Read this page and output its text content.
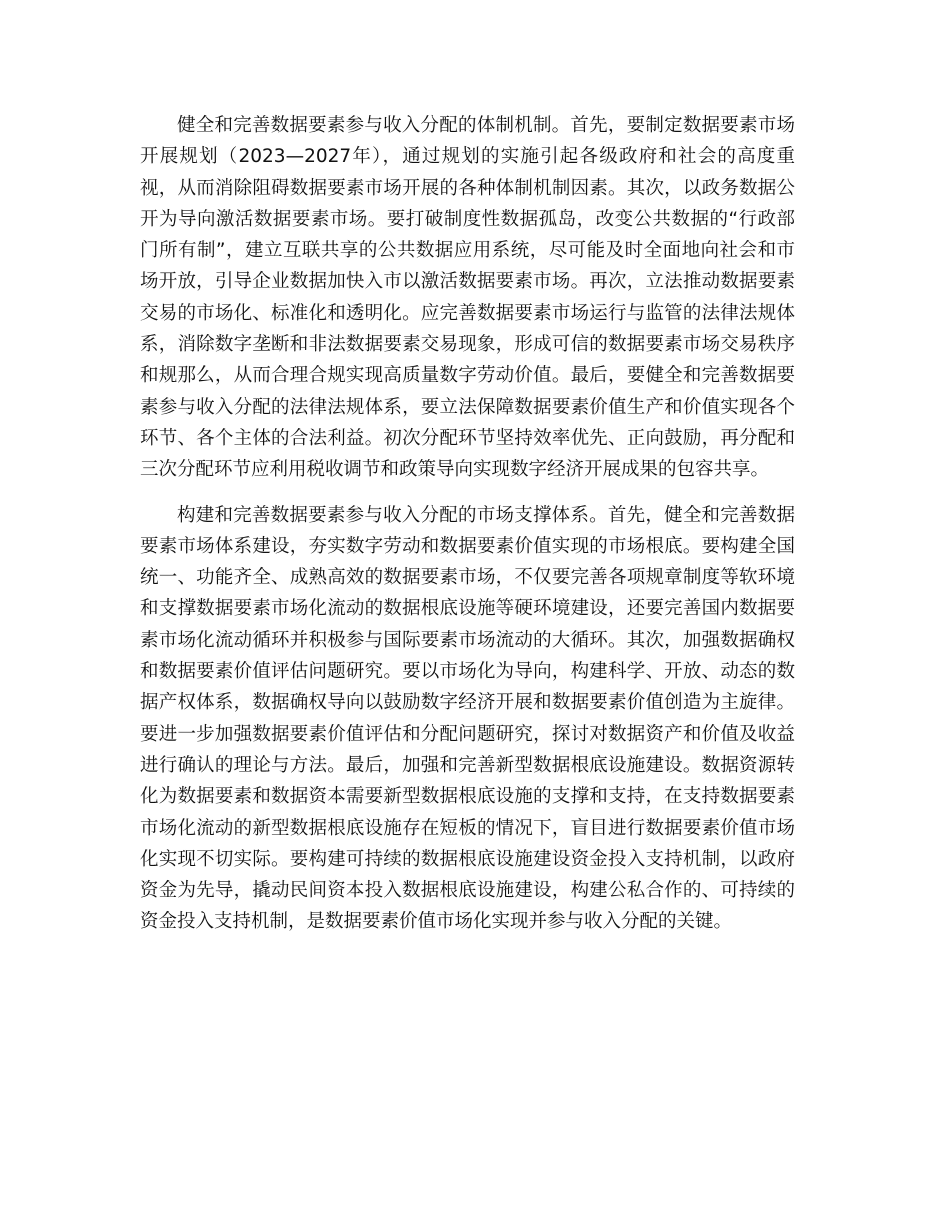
健全和完善数据要素参与收入分配的体制机制。首先，要制定数据要素市场开展规划（2023—2027年），通过规划的实施引起各级政府和社会的高度重视，从而消除阻碍数据要素市场开展的各种体制机制因素。其次，以政务数据公开为导向激活数据要素市场。要打破制度性数据孤岛，改变公共数据的“行政部门所有制”，建立互联共享的公共数据应用系统，尽可能及时全面地向社会和市场开放，引导企业数据加快入市以激活数据要素市场。再次，立法推动数据要素交易的市场化、标准化和透明化。应完善数据要素市场运行与监管的法律法规体系，消除数字垄断和非法数据要素交易现象，形成可信的数据要素市场交易秩序和规那么，从而合理合规实现高质量数字劳动价值。最后，要健全和完善数据要素参与收入分配的法律法规体系，要立法保障数据要素价值生产和价值实现各个环节、各个主体的合法利益。初次分配环节坚持效率优先、正向鼓励，再分配和三次分配环节应利用税收调节和政策导向实现数字经济开展成果的包容共享。

构建和完善数据要素参与收入分配的市场支撑体系。首先，健全和完善数据要素市场体系建设，夯实数字劳动和数据要素价值实现的市场根底。要构建全国统一、功能齐全、成熟高效的数据要素市场，不仅要完善各项规章制度等软环境和支撑数据要素市场化流动的数据根底设施等硬环境建设，还要完善国内数据要素市场化流动循环并积极参与国际要素市场流动的大循环。其次，加强数据确权和数据要素价值评估问题研究。要以市场化为导向，构建科学、开放、动态的数据产权体系，数据确权导向以鼓励数字经济开展和数据要素价值创造为主旋律。要进一步加强数据要素价值评估和分配问题研究，探讨对数据资产和价值及收益进行确认的理论与方法。最后，加强和完善新型数据根底设施建设。数据资源转化为数据要素和数据资本需要新型数据根底设施的支撑和支持，在支持数据要素市场化流动的新型数据根底设施存在短板的情况下，盲目进行数据要素价值市场化实现不切实际。要构建可持续的数据根底设施建设资金投入支持机制，以政府资金为先导，撬动民间资本投入数据根底设施建设，构建公私合作的、可持续的资金投入支持机制，是数据要素价值市场化实现并参与收入分配的关键。
